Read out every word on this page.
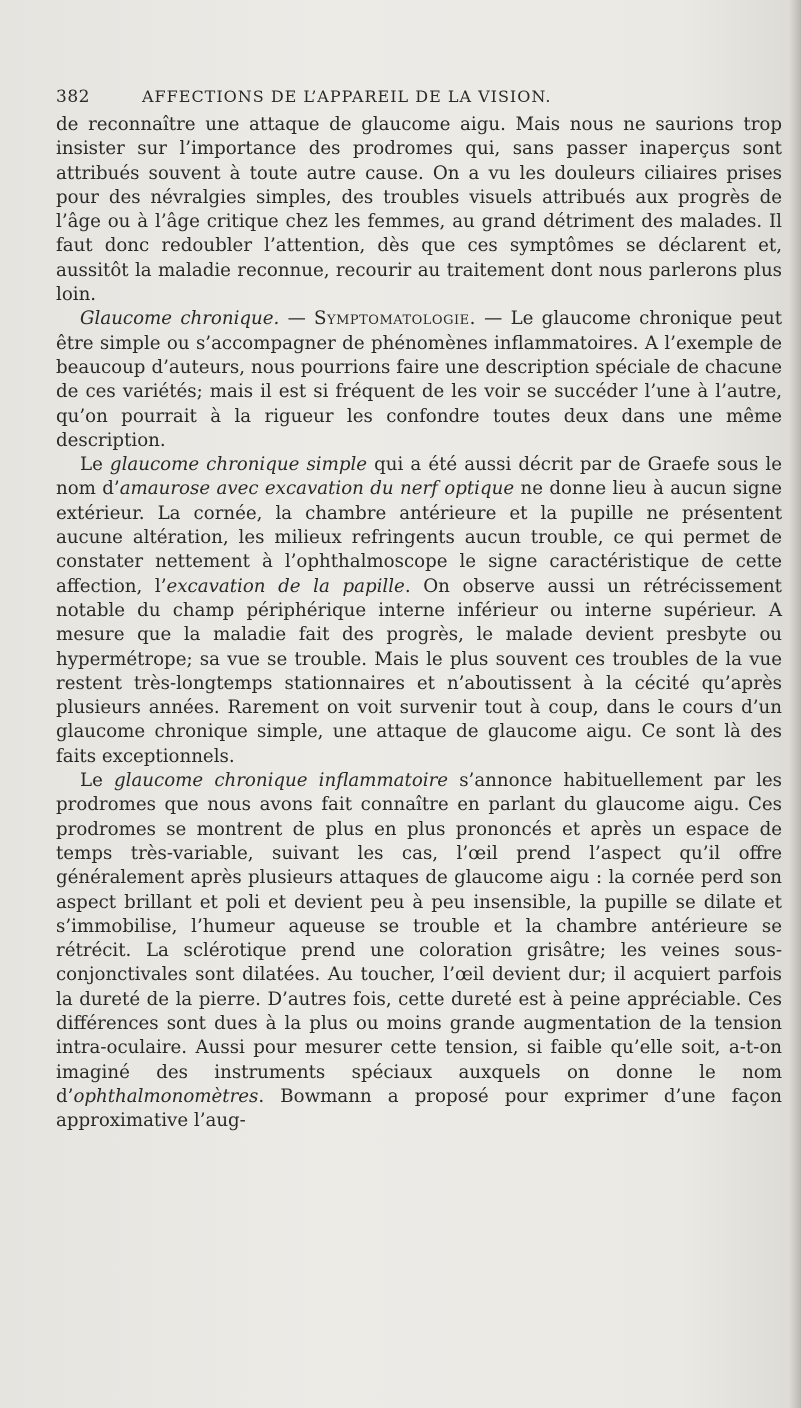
382	AFFECTIONS DE L’APPAREIL DE LA VISION.

de reconnaître une attaque de glaucome aigu. Mais nous ne saurions trop insister sur l’importance des prodromes qui, sans passer inaperçus sont attribués souvent à toute autre cause. On a vu les douleurs ciliaires prises pour des névralgies simples, des troubles visuels attribués aux progrès de l’âge ou à l’âge critique chez les femmes, au grand détriment des malades. Il faut donc redoubler l’attention, dès que ces symptômes se déclarent et, aussitôt la maladie reconnue, recourir au traitement dont nous parlerons plus loin.

Glaucome chronique. — Symptomatologie. — Le glaucome chronique peut être simple ou s’accompagner de phénomènes inflammatoires. A l’exemple de beaucoup d’auteurs, nous pourrions faire une description spéciale de chacune de ces variétés; mais il est si fréquent de les voir se succéder l’une à l’autre, qu’on pourrait à la rigueur les confondre toutes deux dans une même description.

Le glaucome chronique simple qui a été aussi décrit par de Graefe sous le nom d’amaurose avec excavation du nerf optique ne donne lieu à aucun signe extérieur. La cornée, la chambre antérieure et la pupille ne présentent aucune altération, les milieux refringents aucun trouble, ce qui permet de constater nettement à l’ophthalmoscope le signe caractéristique de cette affection, l’excavation de la papille. On observe aussi un rétrécissement notable du champ périphérique interne inférieur ou interne supérieur. A mesure que la maladie fait des progrès, le malade devient presbyte ou hypermétrope; sa vue se trouble. Mais le plus souvent ces troubles de la vue restent très-longtemps stationnaires et n’aboutissent à la cécité qu’après plusieurs années. Rarement on voit survenir tout à coup, dans le cours d’un glaucome chronique simple, une attaque de glaucome aigu. Ce sont là des faits exceptionnels.

Le glaucome chronique inflammatoire s’annonce habituellement par les prodromes que nous avons fait connaître en parlant du glaucome aigu. Ces prodromes se montrent de plus en plus prononcés et après un espace de temps très-variable, suivant les cas, l’œil prend l’aspect qu’il offre généralement après plusieurs attaques de glaucome aigu : la cornée perd son aspect brillant et poli et devient peu à peu insensible, la pupille se dilate et s’immobilise, l’humeur aqueuse se trouble et la chambre antérieure se rétrécit. La sclérotique prend une coloration grisâtre; les veines sous-conjonctivales sont dilatées. Au toucher, l’œil devient dur; il acquiert parfois la dureté de la pierre. D’autres fois, cette dureté est à peine appréciable. Ces différences sont dues à la plus ou moins grande augmentation de la tension intra-oculaire. Aussi pour mesurer cette tension, si faible qu’elle soit, a-t-on imaginé des instruments spéciaux auxquels on donne le nom d’ophthalmonomètres. Bowmann a proposé pour exprimer d’une façon approximative l’aug-
